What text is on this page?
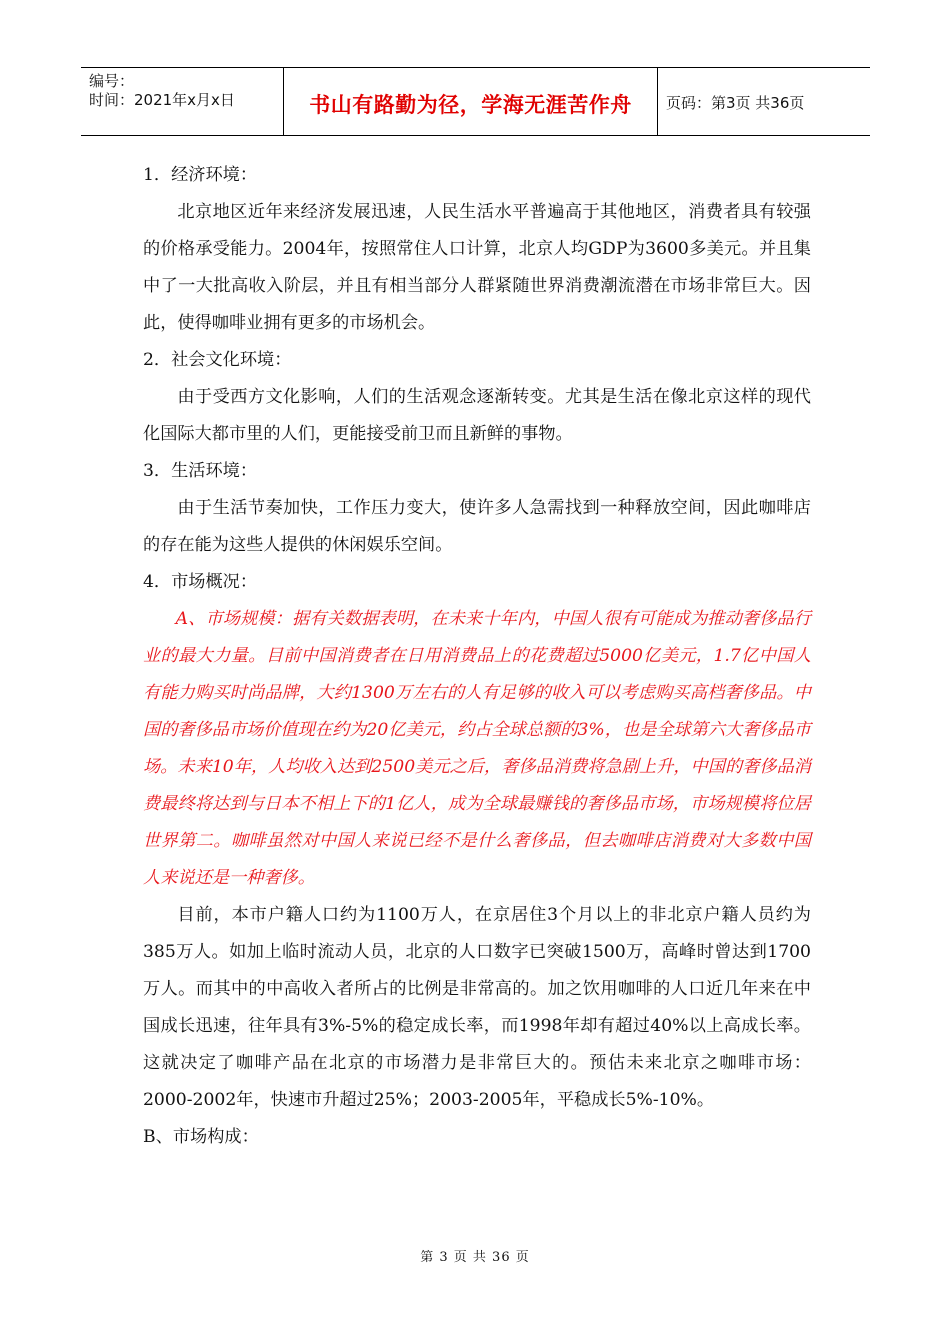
编号：
时间：2021年x月x日	书山有路勤为径，学海无涯苦作舟	页码：第3页 共36页

1．经济环境：

北京地区近年来经济发展迅速，人民生活水平普遍高于其他地区，消费者具有较强的价格承受能力。2004年，按照常住人口计算，北京人均GDP为3600多美元。并且集中了一大批高收入阶层，并且有相当部分人群紧随世界消费潮流潜在市场非常巨大。因此，使得咖啡业拥有更多的市场机会。

2．社会文化环境：

由于受西方文化影响，人们的生活观念逐渐转变。尤其是生活在像北京这样的现代化国际大都市里的人们，更能接受前卫而且新鲜的事物。

3．生活环境：

由于生活节奏加快，工作压力变大，使许多人急需找到一种释放空间，因此咖啡店的存在能为这些人提供的休闲娱乐空间。

4．市场概况：

A、市场规模：据有关数据表明，在未来十年内，中国人很有可能成为推动奢侈品行业的最大力量。目前中国消费者在日用消费品上的花费超过5000亿美元，1.7亿中国人有能力购买时尚品牌，大约1300万左右的人有足够的收入可以考虑购买高档奢侈品。中国的奢侈品市场价值现在约为20亿美元，约占全球总额的3%，也是全球第六大奢侈品市场。未来10年，人均收入达到2500美元之后，奢侈品消费将急剧上升，中国的奢侈品消费最终将达到与日本不相上下的1亿人，成为全球最赚钱的奢侈品市场，市场规模将位居世界第二。咖啡虽然对中国人来说已经不是什么奢侈品，但去咖啡店消费对大多数中国人来说还是一种奢侈。

目前，本市户籍人口约为1100万人，在京居住3个月以上的非北京户籍人员约为385万人。如加上临时流动人员，北京的人口数字已突破1500万，高峰时曾达到1700万人。而其中的中高收入者所占的比例是非常高的。加之饮用咖啡的人口近几年来在中国成长迅速，往年具有3%-5%的稳定成长率，而1998年却有超过40%以上高成长率。这就决定了咖啡产品在北京的市场潜力是非常巨大的。预估未来北京之咖啡市场：2000-2002年，快速市升超过25%；2003-2005年，平稳成长5%-10%。

B、市场构成：

第 3 页 共 36 页
